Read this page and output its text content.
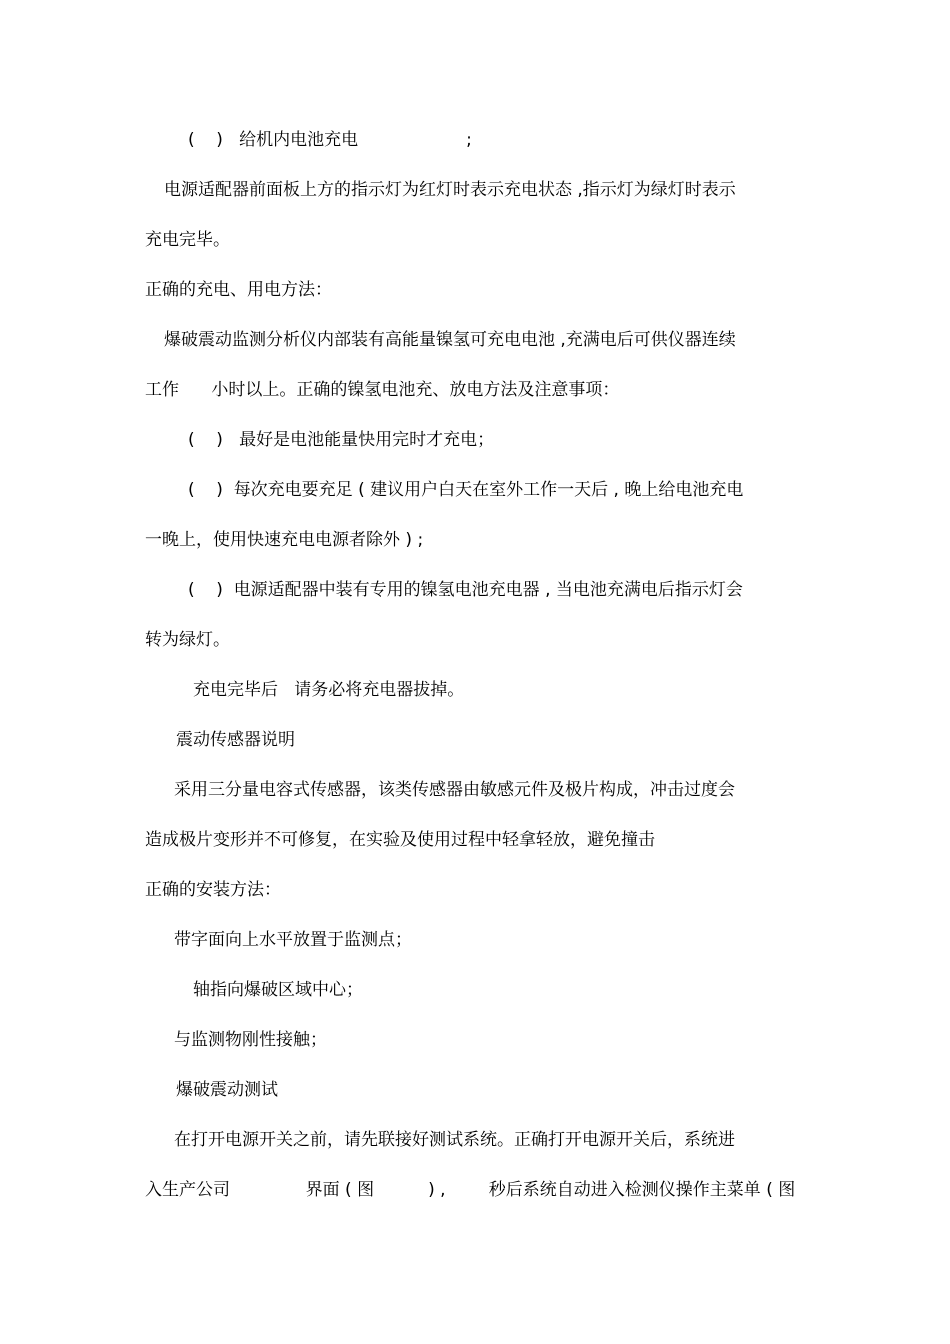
(    )   给机内电池充电                    ;

电源适配器前面板上方的指示灯为红灯时表示充电状态 ,指示灯为绿灯时表示

充电完毕。

正确的充电、用电方法：

爆破震动监测分析仪内部装有高能量镍氢可充电电池 ,充满电后可供仪器连续

工作      小时以上。正确的镍氢电池充、放电方法及注意事项：

(    )   最好是电池能量快用完时才充电；

(    )  每次充电要充足 ( 建议用户白天在室外工作一天后 , 晚上给电池充电

一晚上，使用快速充电电源者除外 ) ;

(    )  电源适配器中装有专用的镍氢电池充电器 , 当电池充满电后指示灯会

转为绿灯。

充电完毕后   请务必将充电器拔掉。

震动传感器说明

采用三分量电容式传感器，该类传感器由敏感元件及极片构成，冲击过度会

造成极片变形并不可修复，在实验及使用过程中轻拿轻放，避免撞击

正确的安装方法：

带字面向上水平放置于监测点；

轴指向爆破区域中心；

与监测物刚性接触；

爆破震动测试

在打开电源开关之前，请先联接好测试系统。正确打开电源开关后，系统进

入生产公司              界面 ( 图          ) ,        秒后系统自动进入检测仪操作主菜单 ( 图
